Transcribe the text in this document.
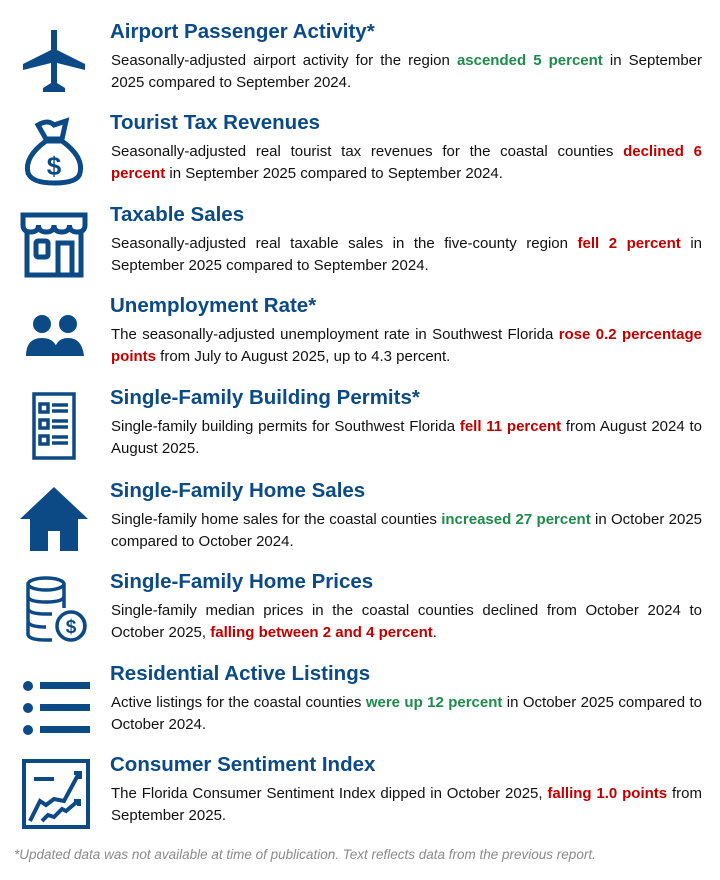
Airport Passenger Activity*
Seasonally-adjusted airport activity for the region ascended 5 percent in September 2025 compared to September 2024.
$
Tourist Tax Revenues
Seasonally-adjusted real tourist tax revenues for the coastal counties declined 6 percent in September 2025 compared to September 2024.
Taxable Sales
Seasonally-adjusted real taxable sales in the five-county region fell 2 percent in September 2025 compared to September 2024.
Unemployment Rate*
The seasonally-adjusted unemployment rate in Southwest Florida rose 0.2 percentage points from July to August 2025, up to 4.3 percent.
Single-Family Building Permits*
Single-family building permits for Southwest Florida fell 11 percent from August 2024 to August 2025.
Single-Family Home Sales
Single-family home sales for the coastal counties increased 27 percent in October 2025 compared to October 2024.
$
Single-Family Home Prices
Single-family median prices in the coastal counties declined from October 2024 to October 2025, falling between 2 and 4 percent.
Residential Active Listings
Active listings for the coastal counties were up 12 percent in October 2025 compared to October 2024.
Consumer Sentiment Index
The Florida Consumer Sentiment Index dipped in October 2025, falling 1.0 points from September 2025.
*Updated data was not available at time of publication. Text reflects data from the previous report.
